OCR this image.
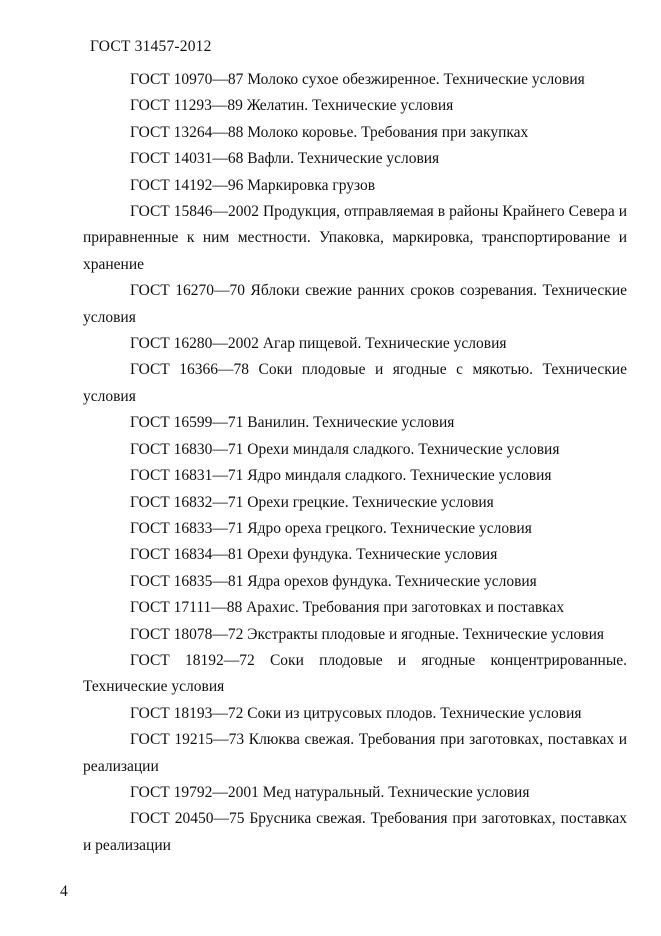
ГОСТ 31457-2012
ГОСТ 10970—87 Молоко сухое обезжиренное. Технические условия
ГОСТ 11293—89 Желатин. Технические условия
ГОСТ 13264—88 Молоко коровье. Требования при закупках
ГОСТ 14031—68 Вафли. Технические условия
ГОСТ 14192—96 Маркировка грузов
ГОСТ 15846—2002 Продукция, отправляемая в районы Крайнего Севера и приравненные к ним местности. Упаковка, маркировка, транспортирование и хранение
ГОСТ 16270—70 Яблоки свежие ранних сроков созревания. Технические условия
ГОСТ 16280—2002 Агар пищевой. Технические условия
ГОСТ 16366—78 Соки плодовые и ягодные с мякотью. Технические условия
ГОСТ 16599—71 Ванилин. Технические условия
ГОСТ 16830—71 Орехи миндаля сладкого. Технические условия
ГОСТ 16831—71 Ядро миндаля сладкого. Технические условия
ГОСТ 16832—71 Орехи грецкие. Технические условия
ГОСТ 16833—71 Ядро ореха грецкого. Технические условия
ГОСТ 16834—81 Орехи фундука. Технические условия
ГОСТ 16835—81 Ядра орехов фундука. Технические условия
ГОСТ 17111—88 Арахис. Требования при заготовках и поставках
ГОСТ 18078—72 Экстракты плодовые и ягодные. Технические условия
ГОСТ 18192—72 Соки плодовые и ягодные концентрированные. Технические условия
ГОСТ 18193—72 Соки из цитрусовых плодов. Технические условия
ГОСТ 19215—73 Клюква свежая. Требования при заготовках, поставках и реализации
ГОСТ 19792—2001 Мед натуральный. Технические условия
ГОСТ 20450—75 Брусника свежая. Требования при заготовках, поставках и реализации
4
